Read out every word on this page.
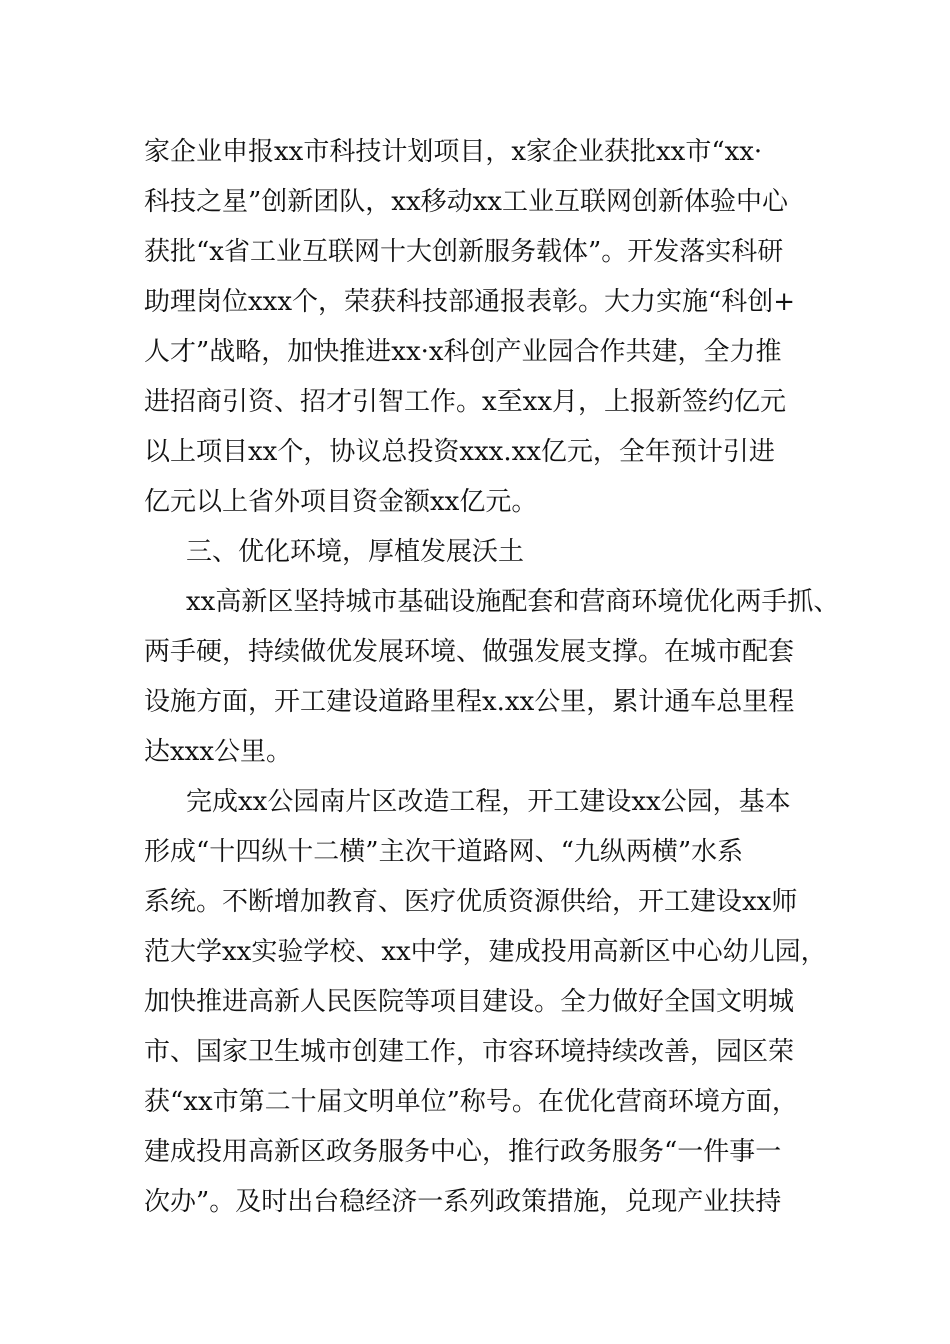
家企业申报xx市科技计划项目，x家企业获批xx市“xx·
科技之星”创新团队，xx移动xx工业互联网创新体验中心
获批“x省工业互联网十大创新服务载体”。开发落实科研
助理岗位xxx个，荣获科技部通报表彰。大力实施“科创+
人才”战略，加快推进xx·x科创产业园合作共建，全力推
进招商引资、招才引智工作。x至xx月，上报新签约亿元
以上项目xx个，协议总投资xxx.xx亿元，全年预计引进
亿元以上省外项目资金额xx亿元。
三、优化环境，厚植发展沃土
xx高新区坚持城市基础设施配套和营商环境优化两手抓、
两手硬，持续做优发展环境、做强发展支撑。在城市配套
设施方面，开工建设道路里程x.xx公里，累计通车总里程
达xxx公里。
完成xx公园南片区改造工程，开工建设xx公园，基本
形成“十四纵十二横”主次干道路网、“九纵两横”水系
系统。不断增加教育、医疗优质资源供给，开工建设xx师
范大学xx实验学校、xx中学，建成投用高新区中心幼儿园，
加快推进高新人民医院等项目建设。全力做好全国文明城
市、国家卫生城市创建工作，市容环境持续改善，园区荣
获“xx市第二十届文明单位”称号。在优化营商环境方面，
建成投用高新区政务服务中心，推行政务服务“一件事一
次办”。及时出台稳经济一系列政策措施，兑现产业扶持
